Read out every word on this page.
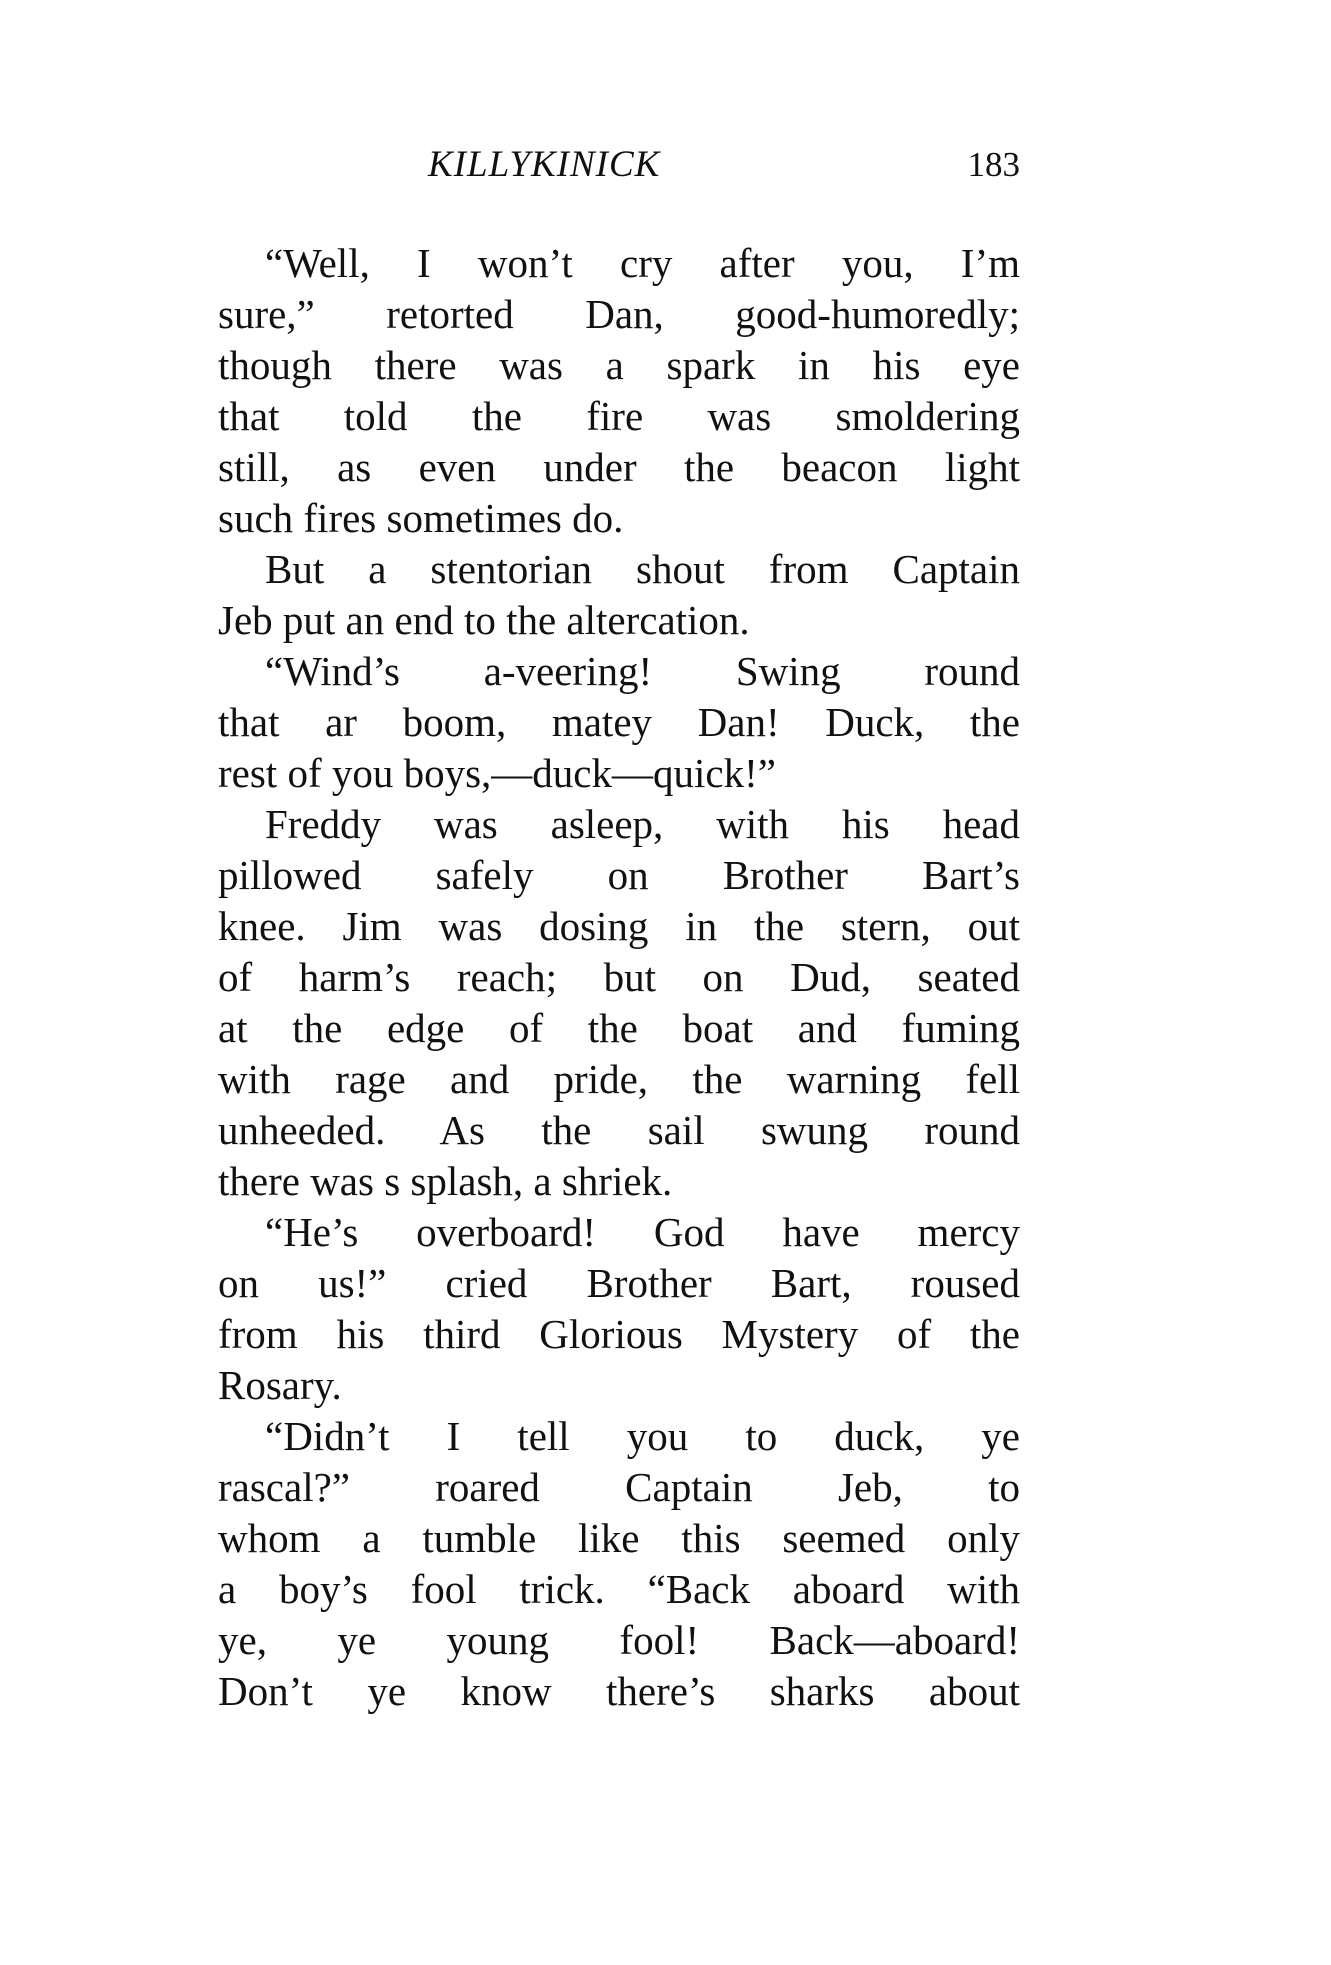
KILLYKINICK	183
“Well, I won’t cry after you, I’m
sure,” retorted Dan, good-humoredly;
though there was a spark in his eye
that told the fire was smoldering
still, as even under the beacon light
such fires sometimes do.
But a stentorian shout from Captain
Jeb put an end to the altercation.
“Wind’s a-veering! Swing round
that ar boom, matey Dan! Duck, the
rest of you boys,—duck—quick!”
Freddy was asleep, with his head
pillowed safely on Brother Bart’s
knee. Jim was dosing in the stern, out
of harm’s reach; but on Dud, seated
at the edge of the boat and fuming
with rage and pride, the warning fell
unheeded. As the sail swung round
there was s splash, a shriek.
“He’s overboard! God have mercy
on us!” cried Brother Bart, roused
from his third Glorious Mystery of the
Rosary.
“Didn’t I tell you to duck, ye
rascal?” roared Captain Jeb, to
whom a tumble like this seemed only
a boy’s fool trick. “Back aboard with
ye, ye young fool! Back—aboard!
Don’t ye know there’s sharks about
